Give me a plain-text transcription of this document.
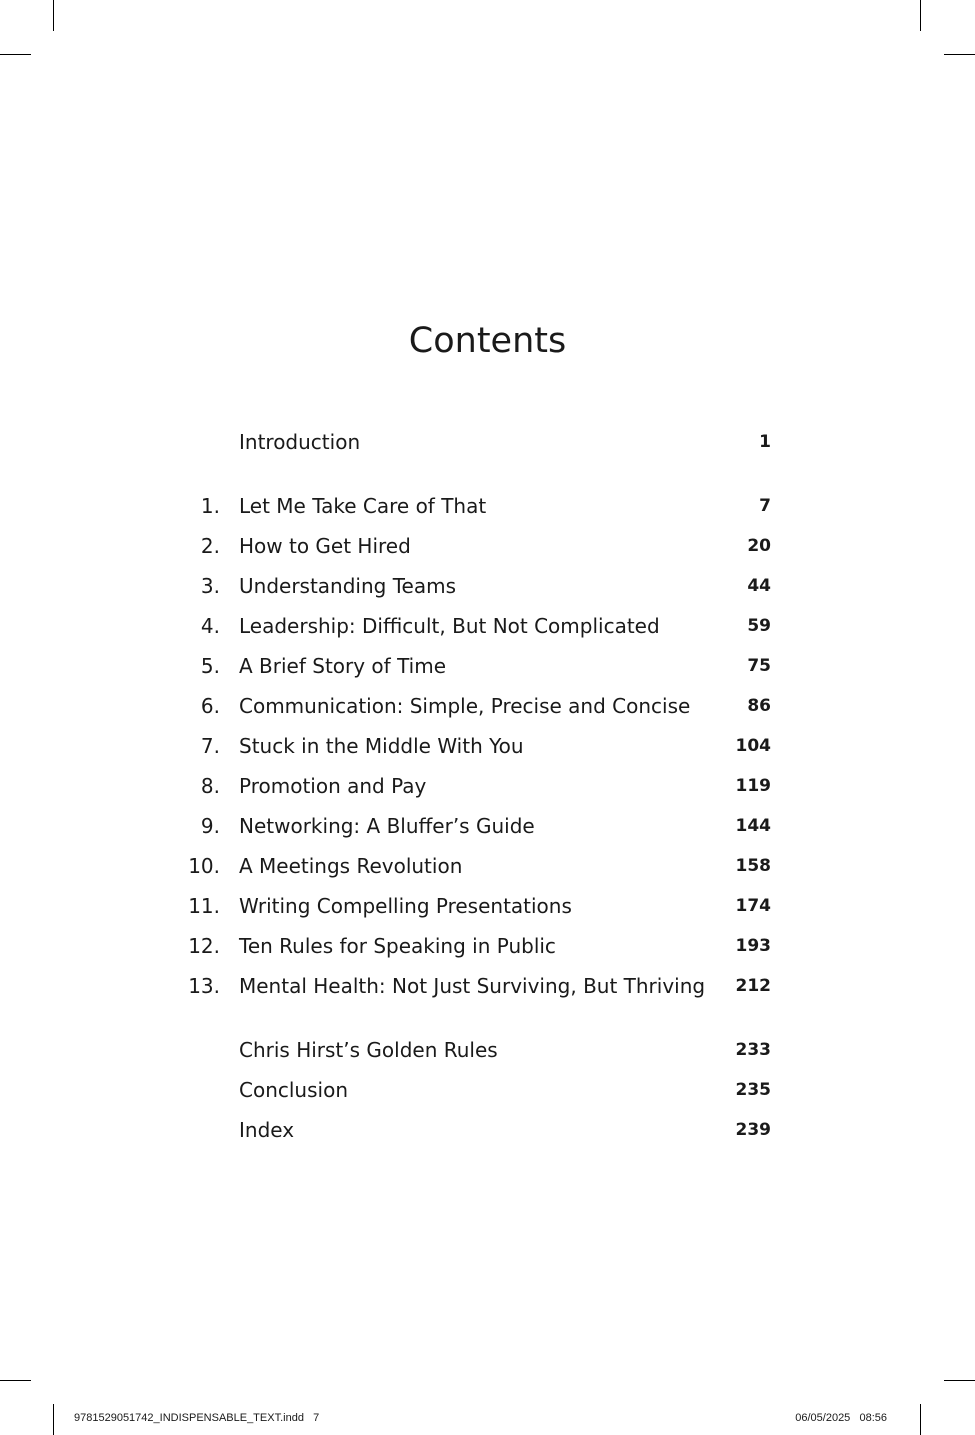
Contents
Introduction	1
1. Let Me Take Care of That	7
2. How to Get Hired	20
3. Understanding Teams	44
4. Leadership: Difficult, But Not Complicated	59
5. A Brief Story of Time	75
6. Communication: Simple, Precise and Concise	86
7. Stuck in the Middle With You	104
8. Promotion and Pay	119
9. Networking: A Bluffer’s Guide	144
10. A Meetings Revolution	158
11. Writing Compelling Presentations	174
12. Ten Rules for Speaking in Public	193
13. Mental Health: Not Just Surviving, But Thriving 212
Chris Hirst’s Golden Rules	233
Conclusion	235
Index	239
9781529051742_INDISPENSABLE_TEXT.indd   7	06/05/2025   08:56
